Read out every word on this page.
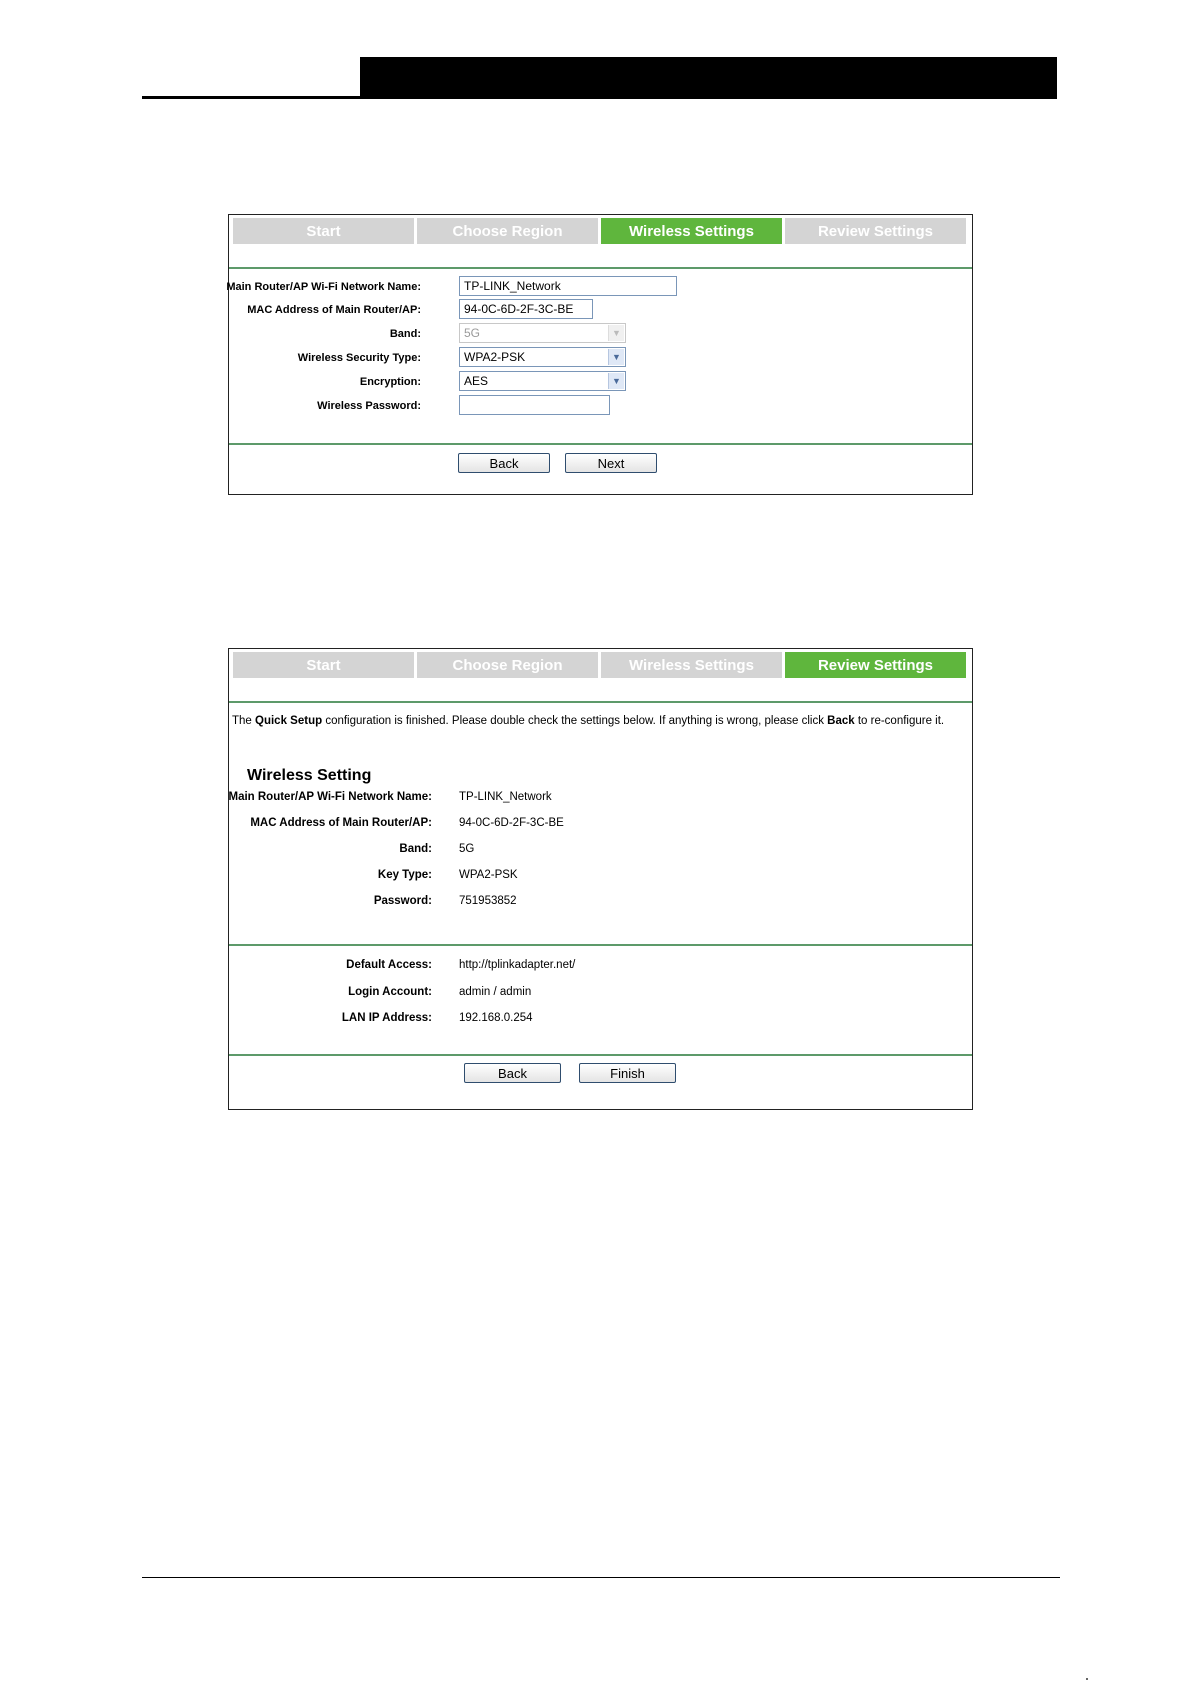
Start	Choose Region	Wireless Settings	Review Settings
Main Router/AP Wi-Fi Network Name:
TP-LINK_Network
MAC Address of Main Router/AP:
94-0C-6D-2F-3C-BE
Band:	5G	▼
Wireless Security Type:	WPA2-PSK	▼
Encryption:	AES	▼
Wireless Password:
Back	Next
Start	Choose Region	Wireless Settings	Review Settings
The Quick Setup configuration is finished. Please double check the settings below. If anything is wrong, please click Back to re-configure it.
Wireless Setting
Main Router/AP Wi-Fi Network Name: TP-LINK_Network
MAC Address of Main Router/AP: 94-0C-6D-2F-3C-BE
Band: 5G
Key Type: WPA2-PSK
Password: 751953852
Default Access: http://tplinkadapter.net/
Login Account: admin / admin
LAN IP Address: 192.168.0.254
Back	Finish
